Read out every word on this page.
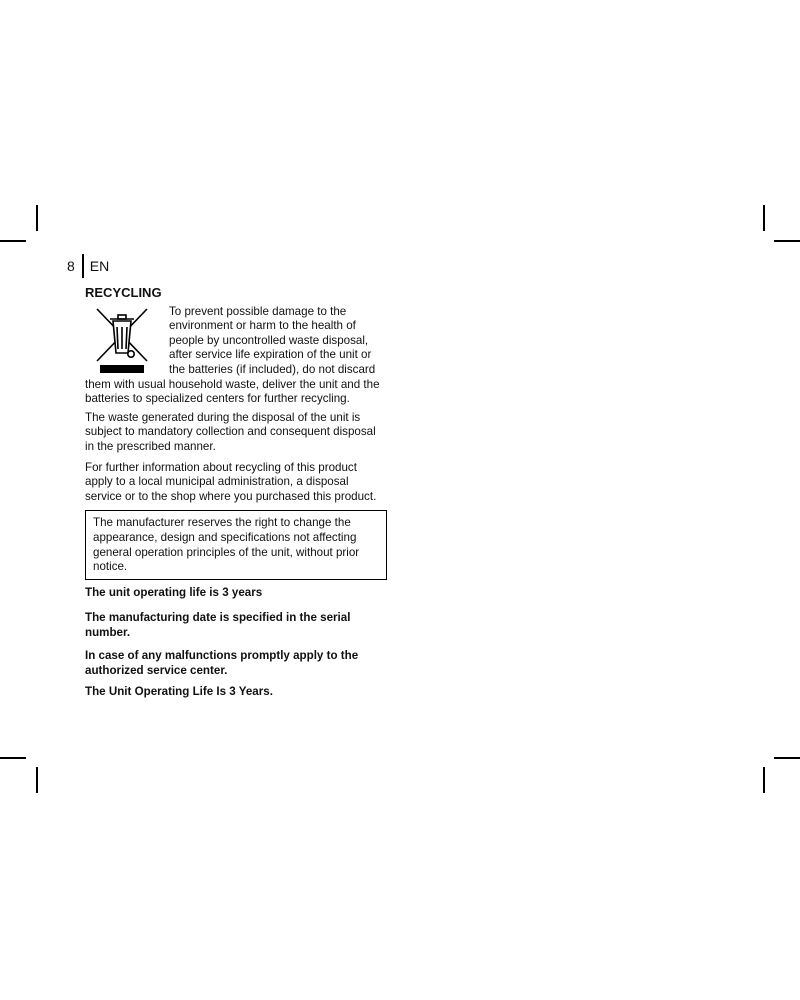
8 EN
RECYCLING

To prevent possible damage to the environment or harm to the health of people by uncontrolled waste disposal, after service life expiration of the unit or the batteries (if included), do not discard them with usual household waste, deliver the unit and the batteries to specialized centers for further recycling.

The waste generated during the disposal of the unit is subject to mandatory collection and consequent disposal in the prescribed manner.

For further information about recycling of this product apply to a local municipal administration, a disposal service or to the shop where you purchased this product.

The manufacturer reserves the right to change the appearance, design and specifications not affecting general operation principles of the unit, without prior notice.

The unit operating life is 3 years

The manufacturing date is specified in the serial number.

In case of any malfunctions promptly apply to the authorized service center.

The Unit Operating Life Is 3 Years.
